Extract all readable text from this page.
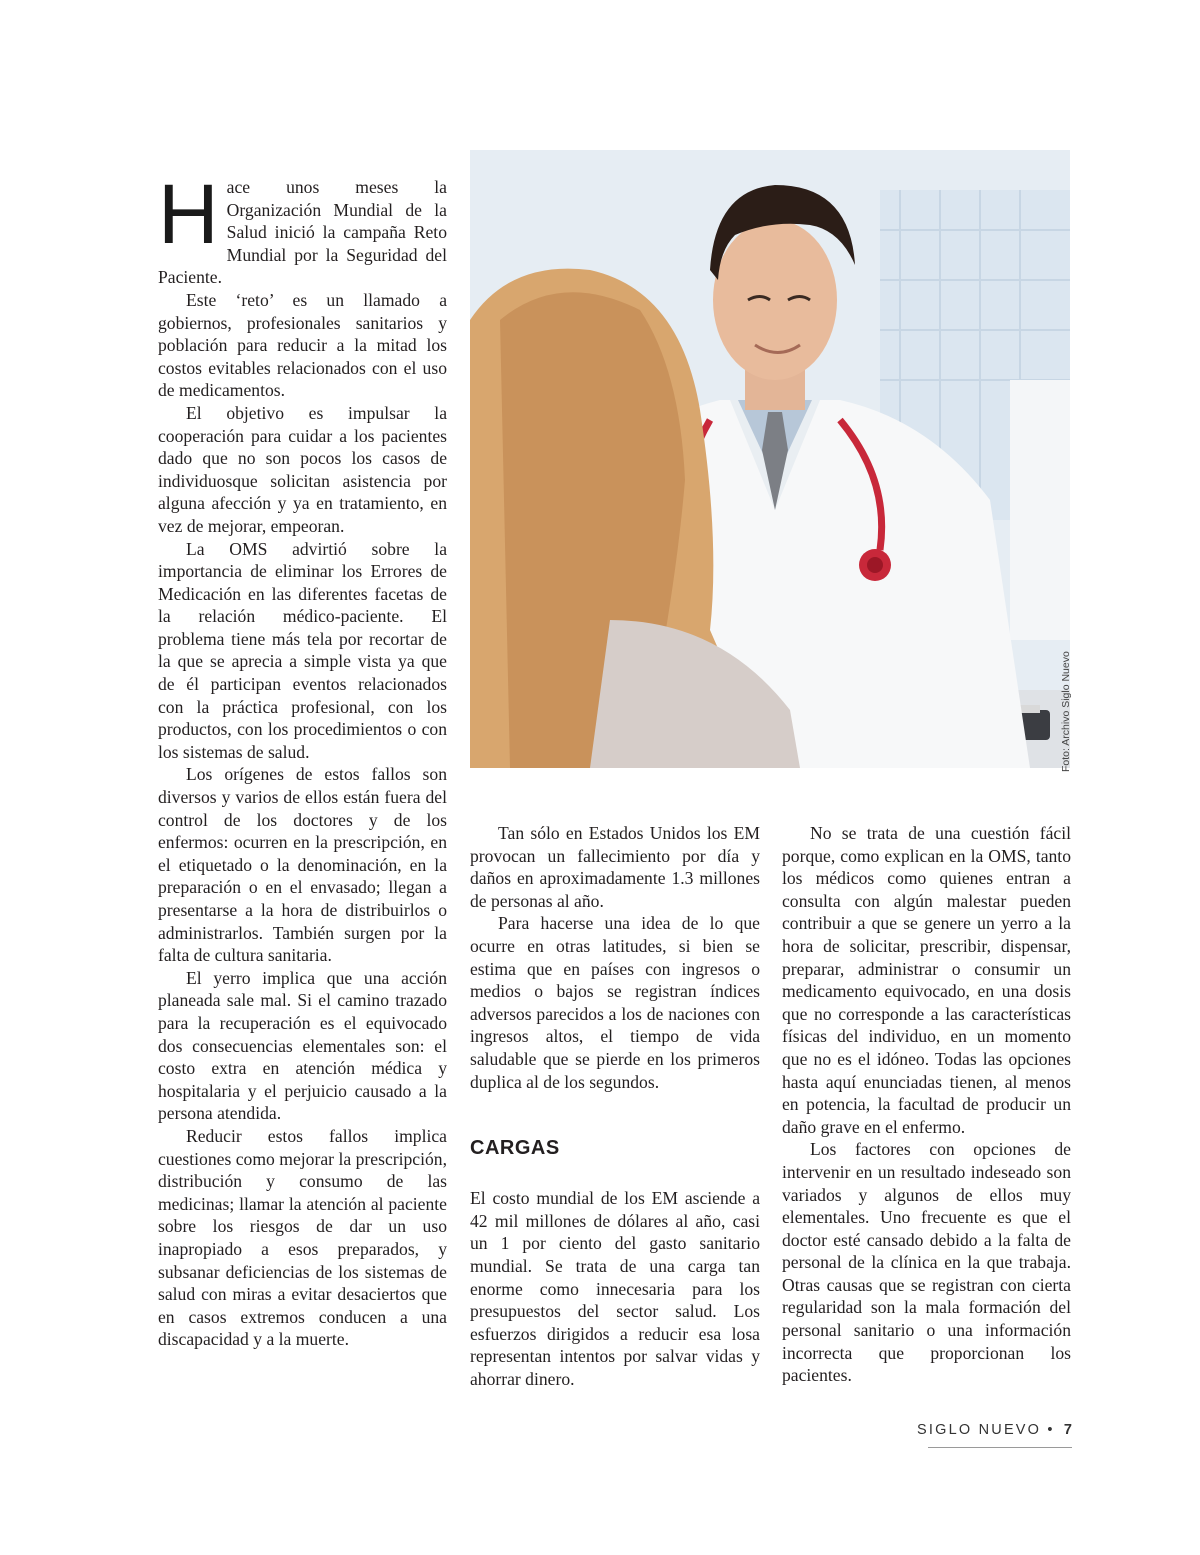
Hace unos meses la Organización Mundial de la Salud inició la campaña Reto Mundial por la Seguridad del Paciente.

Este ‘reto’ es un llamado a gobiernos, profesionales sanitarios y población para reducir a la mitad los costos evitables relacionados con el uso de medicamentos.

El objetivo es impulsar la cooperación para cuidar a los pacientes dado que no son pocos los casos de individuosque solicitan asistencia por alguna afección y ya en tratamiento, en vez de mejorar, empeoran.

La OMS advirtió sobre la importancia de eliminar los Errores de Medicación en las diferentes facetas de la relación médico-paciente. El problema tiene más tela por recortar de la que se aprecia a simple vista ya que de él participan eventos relacionados con la práctica profesional, con los productos, con los procedimientos o con los sistemas de salud.

Los orígenes de estos fallos son diversos y varios de ellos están fuera del control de los doctores y de los enfermos: ocurren en la prescripción, en el etiquetado o la denominación, en la preparación o en el envasado; llegan a presentarse a la hora de distribuirlos o administrarlos. También surgen por la falta de cultura sanitaria.

El yerro implica que una acción planeada sale mal. Si el camino trazado para la recuperación es el equivocado dos consecuencias elementales son: el costo extra en atención médica y hospitalaria y el perjuicio causado a la persona atendida.

Reducir estos fallos implica cuestiones como mejorar la prescripción, distribución y consumo de las medicinas; llamar la atención al paciente sobre los riesgos de dar un uso inapropiado a esos preparados, y subsanar deficiencias de los sistemas de salud con miras a evitar desaciertos que en casos extremos conducen a una discapacidad y a la muerte.

Foto: Archivo Siglo Nuevo

Tan sólo en Estados Unidos los EM provocan un fallecimiento por día y daños en aproximadamente 1.3 millones de personas al año.

Para hacerse una idea de lo que ocurre en otras latitudes, si bien se estima que en países con ingresos o medios o bajos se registran índices adversos parecidos a los de naciones con ingresos altos, el tiempo de vida saludable que se pierde en los primeros duplica al de los segundos.

CARGAS

El costo mundial de los EM asciende a 42 mil millones de dólares al año, casi un 1 por ciento del gasto sanitario mundial. Se trata de una carga tan enorme como innecesaria para los presupuestos del sector salud. Los esfuerzos dirigidos a reducir esa losa representan intentos por salvar vidas y ahorrar dinero.

No se trata de una cuestión fácil porque, como explican en la OMS, tanto los médicos como quienes entran a consulta con algún malestar pueden contribuir a que se genere un yerro a la hora de solicitar, prescribir, dispensar, preparar, administrar o consumir un medicamento equivocado, en una dosis que no corresponde a las características físicas del individuo, en un momento que no es el idóneo. Todas las opciones hasta aquí enunciadas tienen, al menos en potencia, la facultad de producir un daño grave en el enfermo.

Los factores con opciones de intervenir en un resultado indeseado son variados y algunos de ellos muy elementales. Uno frecuente es que el doctor esté cansado debido a la falta de personal de la clínica en la que trabaja. Otras causas que se registran con cierta regularidad son la mala formación del personal sanitario o una información incorrecta que proporcionan los pacientes.

SIGLO NUEVO • 7
